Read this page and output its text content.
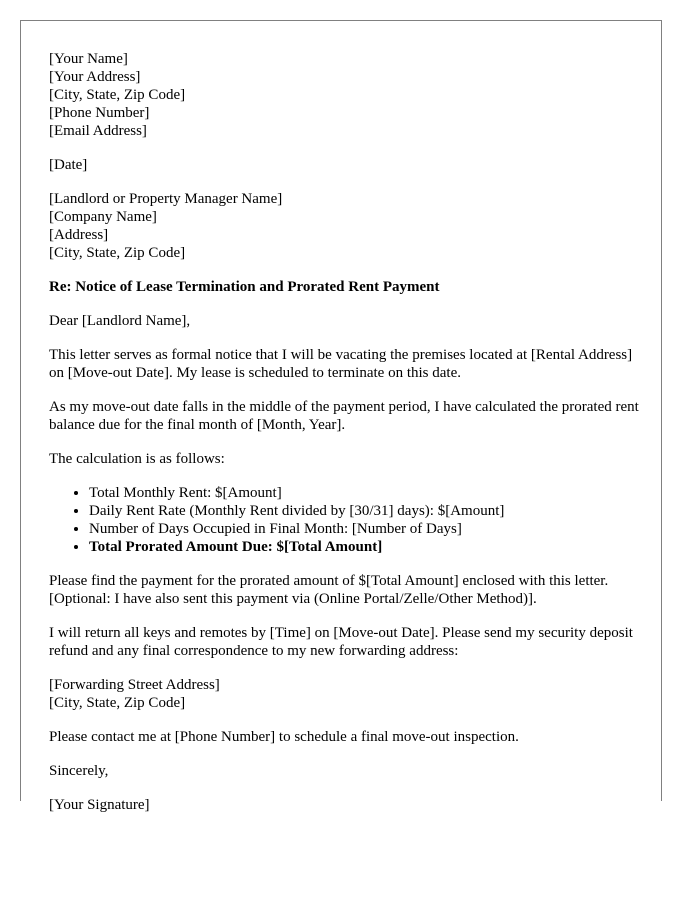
[Your Name]
[Your Address]
[City, State, Zip Code]
[Phone Number]
[Email Address]

[Date]

[Landlord or Property Manager Name]
[Company Name]
[Address]
[City, State, Zip Code]

Re: Notice of Lease Termination and Prorated Rent Payment

Dear [Landlord Name],

This letter serves as formal notice that I will be vacating the premises located at [Rental Address] on [Move-out Date]. My lease is scheduled to terminate on this date.

As my move-out date falls in the middle of the payment period, I have calculated the prorated rent balance due for the final month of [Month, Year].

The calculation is as follows:

• Total Monthly Rent: $[Amount]
• Daily Rent Rate (Monthly Rent divided by [30/31] days): $[Amount]
• Number of Days Occupied in Final Month: [Number of Days]
• Total Prorated Amount Due: $[Total Amount]

Please find the payment for the prorated amount of $[Total Amount] enclosed with this letter. [Optional: I have also sent this payment via (Online Portal/Zelle/Other Method)].

I will return all keys and remotes by [Time] on [Move-out Date]. Please send my security deposit refund and any final correspondence to my new forwarding address:

[Forwarding Street Address]
[City, State, Zip Code]

Please contact me at [Phone Number] to schedule a final move-out inspection.

Sincerely,

[Your Signature]
